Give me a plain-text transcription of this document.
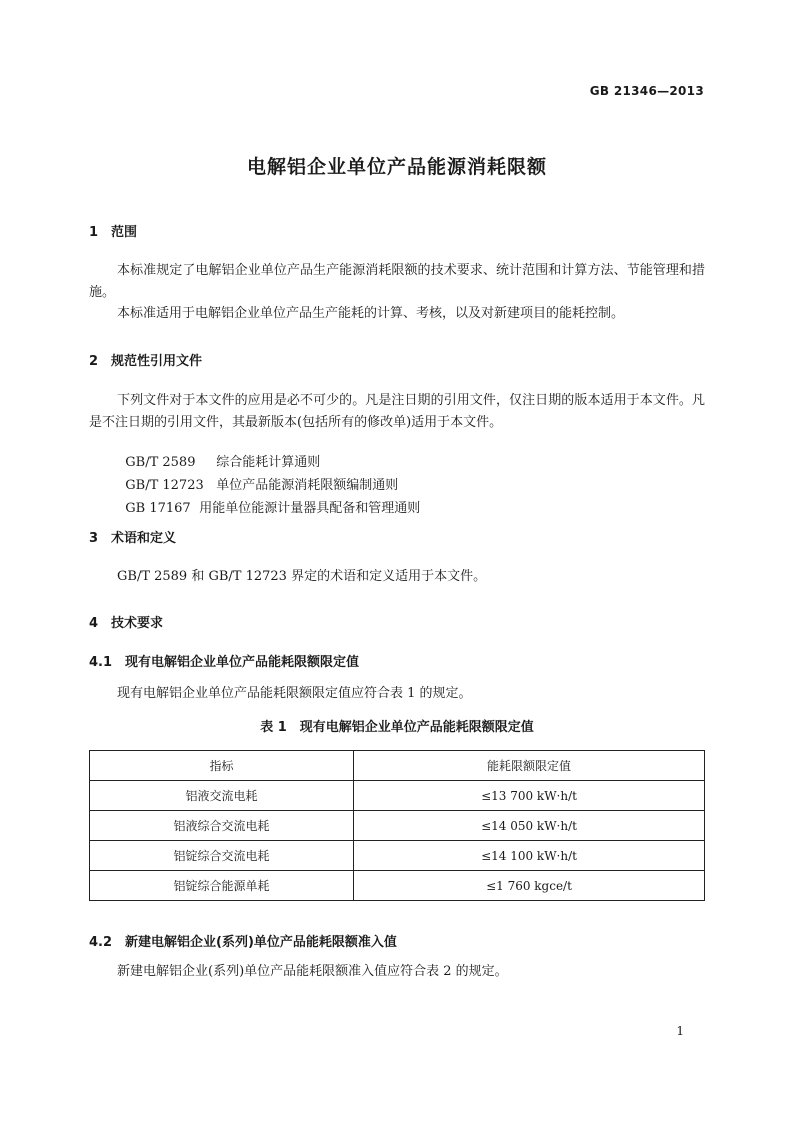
GB 21346—2013
电解铝企业单位产品能源消耗限额
1 范围
本标准规定了电解铝企业单位产品生产能源消耗限额的技术要求、统计范围和计算方法、节能管理和措施。
本标准适用于电解铝企业单位产品生产能耗的计算、考核，以及对新建项目的能耗控制。
2 规范性引用文件
下列文件对于本文件的应用是必不可少的。凡是注日期的引用文件，仅注日期的版本适用于本文件。凡是不注日期的引用文件，其最新版本(包括所有的修改单)适用于本文件。

GB/T 2589 综合能耗计算通则

GB/T 12723 单位产品能源消耗限额编制通则

GB 17167 用能单位能源计量器具配备和管理通则

3 术语和定义
GB/T 2589 和 GB/T 12723 界定的术语和定义适用于本文件。
4 技术要求
4.1 现有电解铝企业单位产品能耗限额限定值
现有电解铝企业单位产品能耗限额限定值应符合表 1 的规定。
表 1　现有电解铝企业单位产品能耗限额限定值
指标	能耗限额限定值
铝液交流电耗	≤13 700 kW·h/t
铝液综合交流电耗	≤14 050 kW·h/t
铝锭综合交流电耗	≤14 100 kW·h/t
铝锭综合能源单耗	≤1 760 kgce/t
4.2 新建电解铝企业(系列)单位产品能耗限额准入值
新建电解铝企业(系列)单位产品能耗限额准入值应符合表 2 的规定。
1
